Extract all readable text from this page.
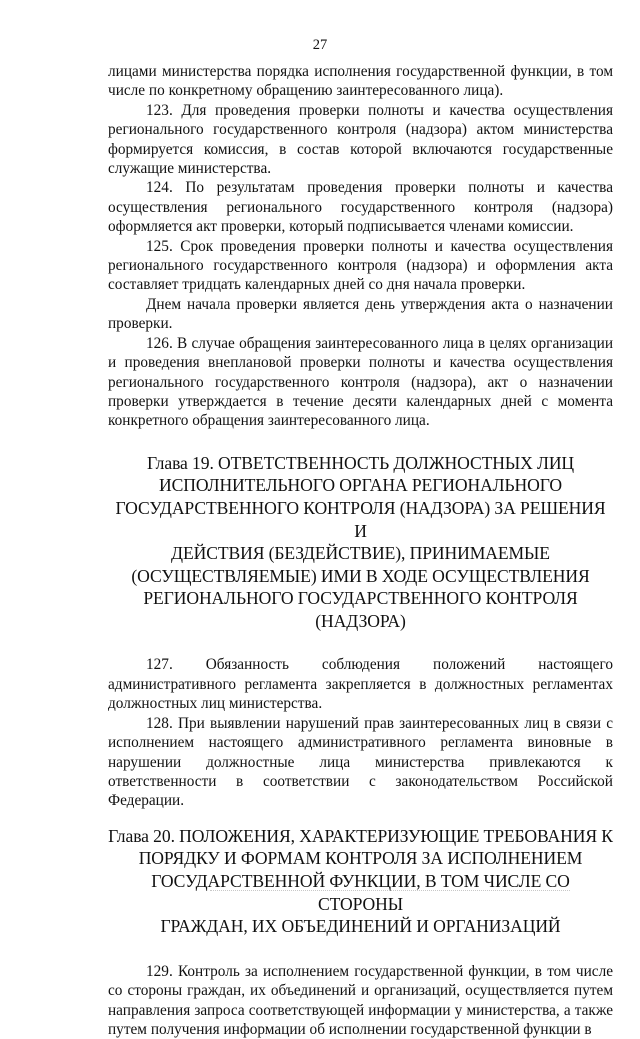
27

лицами министерства порядка исполнения государственной функции, в том числе по конкретному обращению заинтересованного лица).

123. Для проведения проверки полноты и качества осуществления регионального государственного контроля (надзора) актом министерства формируется комиссия, в состав которой включаются государственные служащие министерства.

124. По результатам проведения проверки полноты и качества осуществления регионального государственного контроля (надзора) оформляется акт проверки, который подписывается членами комиссии.

125. Срок проведения проверки полноты и качества осуществления регионального государственного контроля (надзора) и оформления акта составляет тридцать календарных дней со дня начала проверки.

Днем начала проверки является день утверждения акта о назначении проверки.

126. В случае обращения заинтересованного лица в целях организации и проведения внеплановой проверки полноты и качества осуществления регионального государственного контроля (надзора), акт о назначении проверки утверждается в течение десяти календарных дней с момента конкретного обращения заинтересованного лица.

Глава 19. ОТВЕТСТВЕННОСТЬ ДОЛЖНОСТНЫХ ЛИЦ
ИСПОЛНИТЕЛЬНОГО ОРГАНА РЕГИОНАЛЬНОГО
ГОСУДАРСТВЕННОГО КОНТРОЛЯ (НАДЗОРА) ЗА РЕШЕНИЯ И
ДЕЙСТВИЯ (БЕЗДЕЙСТВИЕ), ПРИНИМАЕМЫЕ
(ОСУЩЕСТВЛЯЕМЫЕ) ИМИ В ХОДЕ ОСУЩЕСТВЛЕНИЯ
РЕГИОНАЛЬНОГО ГОСУДАРСТВЕННОГО КОНТРОЛЯ (НАДЗОРА)

127. Обязанность соблюдения положений настоящего административного регламента закрепляется в должностных регламентах должностных лиц министерства.

128. При выявлении нарушений прав заинтересованных лиц в связи с исполнением настоящего административного регламента виновные в нарушении должностные лица министерства привлекаются к ответственности в соответствии с законодательством Российской Федерации.

Глава 20. ПОЛОЖЕНИЯ, ХАРАКТЕРИЗУЮЩИЕ ТРЕБОВАНИЯ К
ПОРЯДКУ И ФОРМАМ КОНТРОЛЯ ЗА ИСПОЛНЕНИЕМ
ГОСУДАРСТВЕННОЙ ФУНКЦИИ, В ТОМ ЧИСЛЕ СО СТОРОНЫ
ГРАЖДАН, ИХ ОБЪЕДИНЕНИЙ И ОРГАНИЗАЦИЙ

129. Контроль за исполнением государственной функции, в том числе со стороны граждан, их объединений и организаций, осуществляется путем направления запроса соответствующей информации у министерства, а также путем получения информации об исполнении государственной функции в
